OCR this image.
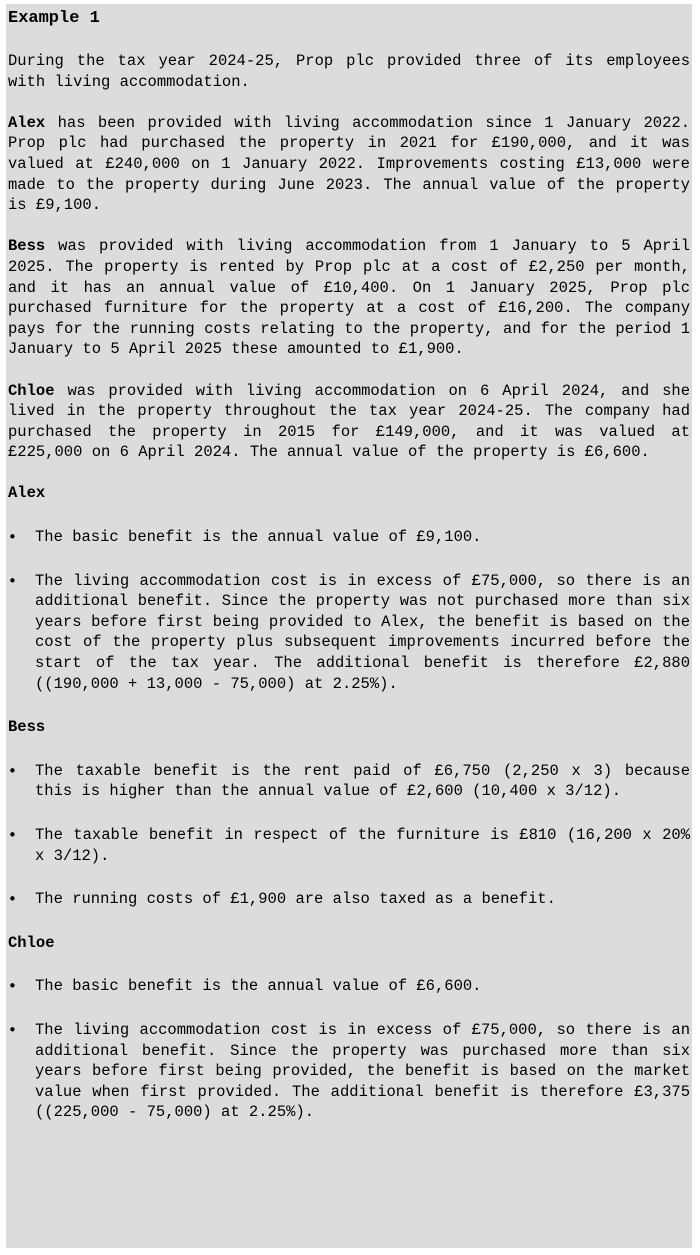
Example 1

During the tax year 2024-25, Prop plc provided three of its employees with living accommodation.

Alex has been provided with living accommodation since 1 January 2022. Prop plc had purchased the property in 2021 for £190,000, and it was valued at £240,000 on 1 January 2022. Improvements costing £13,000 were made to the property during June 2023. The annual value of the property is £9,100.

Bess was provided with living accommodation from 1 January to 5 April 2025. The property is rented by Prop plc at a cost of £2,250 per month, and it has an annual value of £10,400. On 1 January 2025, Prop plc purchased furniture for the property at a cost of £16,200. The company pays for the running costs relating to the property, and for the period 1 January to 5 April 2025 these amounted to £1,900.

Chloe was provided with living accommodation on 6 April 2024, and she lived in the property throughout the tax year 2024-25. The company had purchased the property in 2015 for £149,000, and it was valued at £225,000 on 6 April 2024. The annual value of the property is £6,600.

Alex
• The basic benefit is the annual value of £9,100.
• The living accommodation cost is in excess of £75,000, so there is an additional benefit. Since the property was not purchased more than six years before first being provided to Alex, the benefit is based on the cost of the property plus subsequent improvements incurred before the start of the tax year. The additional benefit is therefore £2,880 ((190,000 + 13,000 - 75,000) at 2.25%).
Bess
• The taxable benefit is the rent paid of £6,750 (2,250 x 3) because this is higher than the annual value of £2,600 (10,400 x 3/12).
• The taxable benefit in respect of the furniture is £810 (16,200 x 20% x 3/12).
• The running costs of £1,900 are also taxed as a benefit.
Chloe
• The basic benefit is the annual value of £6,600.
• The living accommodation cost is in excess of £75,000, so there is an additional benefit. Since the property was purchased more than six years before first being provided, the benefit is based on the market value when first provided. The additional benefit is therefore £3,375 ((225,000 - 75,000) at 2.25%).
